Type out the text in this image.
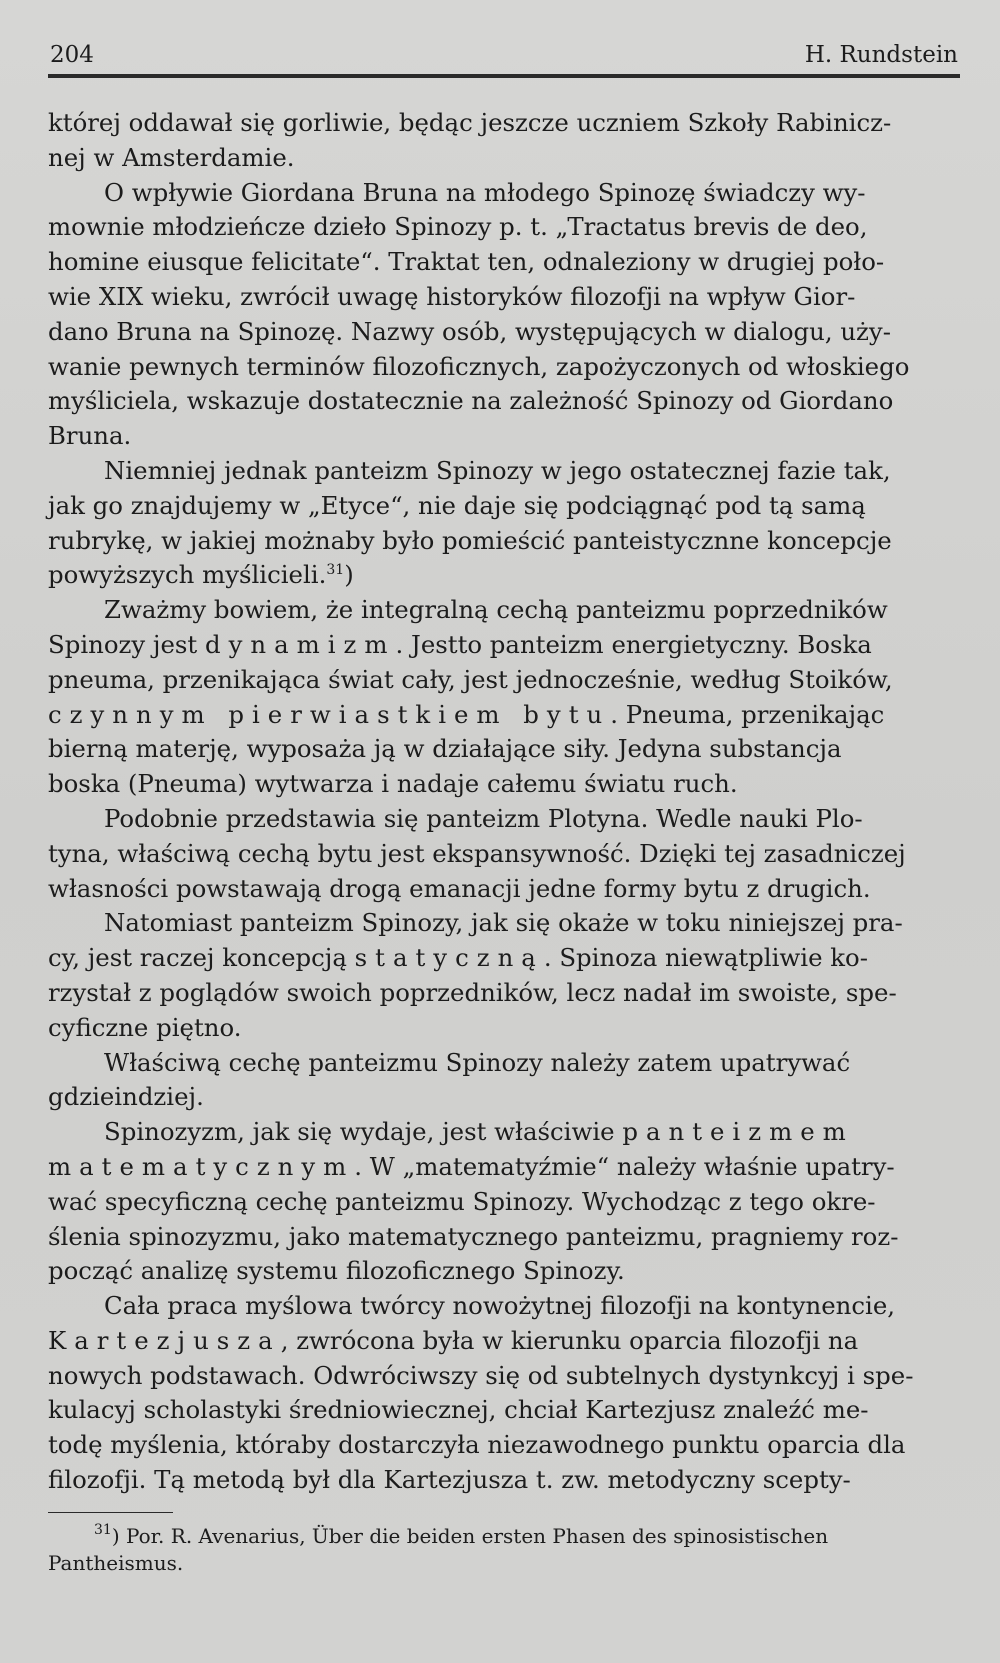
204	H. Rundstein

której oddawał się gorliwie, będąc jeszcze uczniem Szkoły Rabinicz-
nej w Amsterdamie.

O wpływie Giordana Bruna na młodego Spinozę świadczy wy-
mownie młodzieńcze dzieło Spinozy p. t. „Tractatus brevis de deo,
homine eiusque felicitate“. Traktat ten, odnaleziony w drugiej poło-
wie XIX wieku, zwrócił uwagę historyków filozofji na wpływ Gior-
dano Bruna na Spinozę. Nazwy osób, występujących w dialogu, uży-
wanie pewnych terminów filozoficznych, zapożyczonych od włoskiego
myśliciela, wskazuje dostatecznie na zależność Spinozy od Giordano
Bruna.

Niemniej jednak panteizm Spinozy w jego ostatecznej fazie tak,
jak go znajdujemy w „Etyce“, nie daje się podciągnąć pod tą samą
rubrykę, w jakiej możnaby było pomieścić panteistycznne koncepcje
powyższych myślicieli.$^{31}$)

Zważmy bowiem, że integralną cechą panteizmu poprzedników
Spinozy jest dynamizm. Jestto panteizm energietyczny. Boska
pneuma, przenikająca świat cały, jest jednocześnie, według Stoików,
czynnym pierwiastkiem bytu. Pneuma, przenikając
bierną materję, wyposaża ją w działające siły. Jedyna substancja
boska (Pneuma) wytwarza i nadaje całemu światu ruch.

Podobnie przedstawia się panteizm Plotyna. Wedle nauki Plo-
tyna, właściwą cechą bytu jest ekspansywność. Dzięki tej zasadniczej
własności powstawają drogą emanacji jedne formy bytu z drugich.

Natomiast panteizm Spinozy, jak się okaże w toku niniejszej pra-
cy, jest raczej koncepcją statyczną. Spinoza niewątpliwie ko-
rzystał z poglądów swoich poprzedników, lecz nadał im swoiste, spe-
cyficzne piętno.

Właściwą cechę panteizmu Spinozy należy zatem upatrywać
gdzieindziej.

Spinozyzm, jak się wydaje, jest właściwie panteizmem
matematycznym. W „matematyźmie“ należy właśnie upatry-
wać specyficzną cechę panteizmu Spinozy. Wychodząc z tego okre-
ślenia spinozyzmu, jako matematycznego panteizmu, pragniemy roz-
począć analizę systemu filozoficznego Spinozy.

Cała praca myślowa twórcy nowożytnej filozofji na kontynencie,
Kartezjusza, zwrócona była w kierunku oparcia filozofji na
nowych podstawach. Odwróciwszy się od subtelnych dystynkcyj i spe-
kulacyj scholastyki średniowiecznej, chciał Kartezjusz znaleźć me-
todę myślenia, któraby dostarczyła niezawodnego punktu oparcia dla
filozofji. Tą metodą był dla Kartezjusza t. zw. metodyczny scepty-

$^{31}$) Por. R. Avenarius, Über die beiden ersten Phasen des spinosistischen
Pantheismus.
